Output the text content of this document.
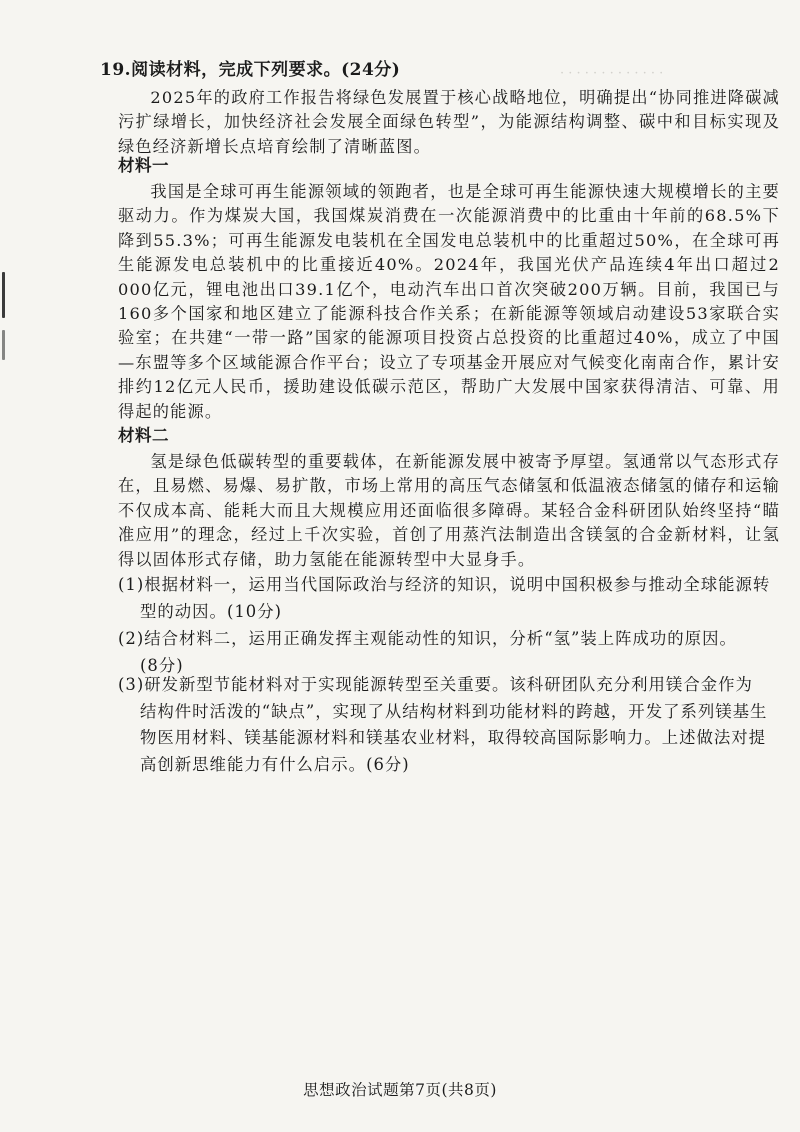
· · · · · · · · · · · · ·
19.阅读材料，完成下列要求。(24分)

2025年的政府工作报告将绿色发展置于核心战略地位，明确提出“协同推进降碳减污扩绿增长，加快经济社会发展全面绿色转型”，为能源结构调整、碳中和目标实现及绿色经济新增长点培育绘制了清晰蓝图。

材料一

我国是全球可再生能源领域的领跑者，也是全球可再生能源快速大规模增长的主要驱动力。作为煤炭大国，我国煤炭消费在一次能源消费中的比重由十年前的68.5%下降到55.3%；可再生能源发电装机在全国发电总装机中的比重超过50%，在全球可再生能源发电总装机中的比重接近40%。2024年，我国光伏产品连续4年出口超过2 000亿元，锂电池出口39.1亿个，电动汽车出口首次突破200万辆。目前，我国已与160多个国家和地区建立了能源科技合作关系；在新能源等领域启动建设53家联合实验室；在共建“一带一路”国家的能源项目投资占总投资的比重超过40%，成立了中国—东盟等多个区域能源合作平台；设立了专项基金开展应对气候变化南南合作，累计安排约12亿元人民币，援助建设低碳示范区，帮助广大发展中国家获得清洁、可靠、用得起的能源。

材料二

氢是绿色低碳转型的重要载体，在新能源发展中被寄予厚望。氢通常以气态形式存在，且易燃、易爆、易扩散，市场上常用的高压气态储氢和低温液态储氢的储存和运输不仅成本高、能耗大而且大规模应用还面临很多障碍。某轻合金科研团队始终坚持“瞄准应用”的理念，经过上千次实验，首创了用蒸汽法制造出含镁氢的合金新材料，让氢得以固体形式存储，助力氢能在能源转型中大显身手。

(1)根据材料一，运用当代国际政治与经济的知识，说明中国积极参与推动全球能源转
型的动因。(10分)
(2)结合材料二，运用正确发挥主观能动性的知识，分析“氢”装上阵成功的原因。
(8分)
(3)研发新型节能材料对于实现能源转型至关重要。该科研团队充分利用镁合金作为
结构件时活泼的“缺点”，实现了从结构材料到功能材料的跨越，开发了系列镁基生物医用材料、镁基能源材料和镁基农业材料，取得较高国际影响力。上述做法对提高创新思维能力有什么启示。(6分)
思想政治试题第7页(共8页)
